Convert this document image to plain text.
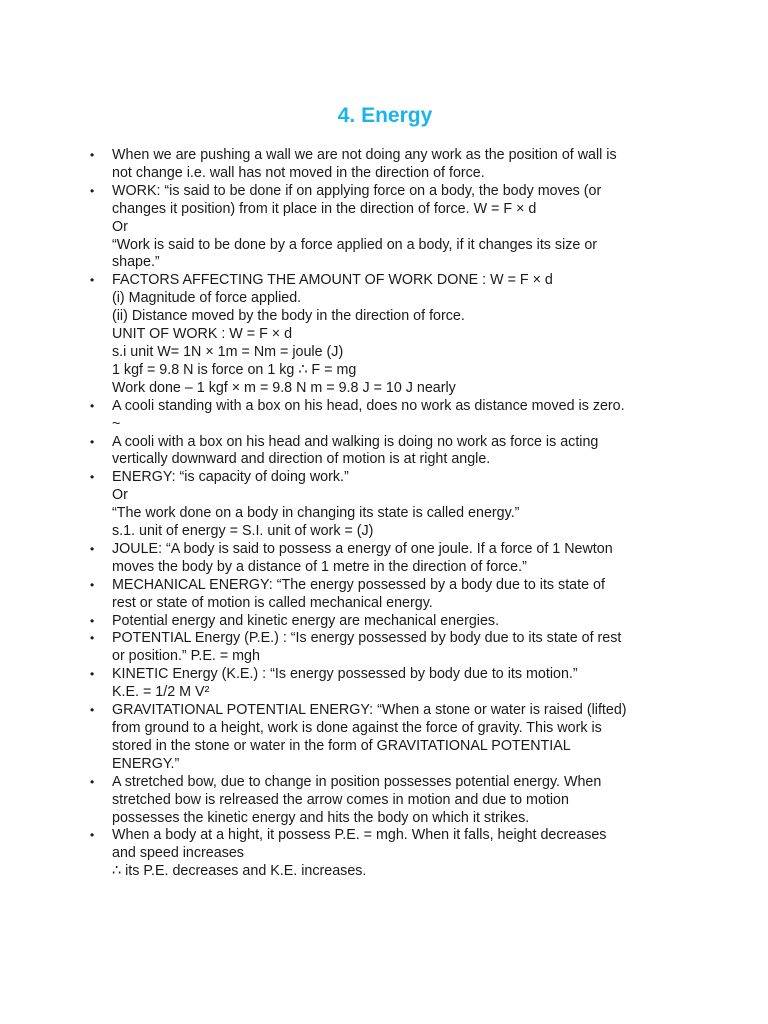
4. Energy
• When we are pushing a wall we are not doing any work as the position of wall is
not change i.e. wall has not moved in the direction of force.
• WORK: “is said to be done if on applying force on a body, the body moves (or
changes it position) from it place in the direction of force. W = F × d
Or
“Work is said to be done by a force applied on a body, if it changes its size or
shape.”
• FACTORS AFFECTING THE AMOUNT OF WORK DONE : W = F × d
(i) Magnitude of force applied.
(ii) Distance moved by the body in the direction of force.
UNIT OF WORK : W = F × d
s.i unit W= 1N × 1m = Nm = joule (J)
1 kgf = 9.8 N is force on 1 kg ∴ F = mg
Work done – 1 kgf × m = 9.8 N m = 9.8 J = 10 J nearly
• A cooli standing with a box on his head, does no work as distance moved is zero.
~
• A cooli with a box on his head and walking is doing no work as force is acting
vertically downward and direction of motion is at right angle.
• ENERGY: “is capacity of doing work.”
Or
“The work done on a body in changing its state is called energy.”
s.1. unit of energy = S.I. unit of work = (J)
• JOULE: “A body is said to possess a energy of one joule. If a force of 1 Newton
moves the body by a distance of 1 metre in the direction of force.”
• MECHANICAL ENERGY: “The energy possessed by a body due to its state of
rest or state of motion is called mechanical energy.
• Potential energy and kinetic energy are mechanical energies.
• POTENTIAL Energy (P.E.) : “Is energy possessed by body due to its state of rest
or position.” P.E. = mgh
• KINETIC Energy (K.E.) : “Is energy possessed by body due to its motion.”
K.E. = 1/2 M V²
• GRAVITATIONAL POTENTIAL ENERGY: “When a stone or water is raised (lifted)
from ground to a height, work is done against the force of gravity. This work is
stored in the stone or water in the form of GRAVITATIONAL POTENTIAL
ENERGY.”
• A stretched bow, due to change in position possesses potential energy. When
stretched bow is relreased the arrow comes in motion and due to motion
possesses the kinetic energy and hits the body on which it strikes.
• When a body at a hight, it possess P.E. = mgh. When it falls, height decreases
and speed increases
∴ its P.E. decreases and K.E. increases.
